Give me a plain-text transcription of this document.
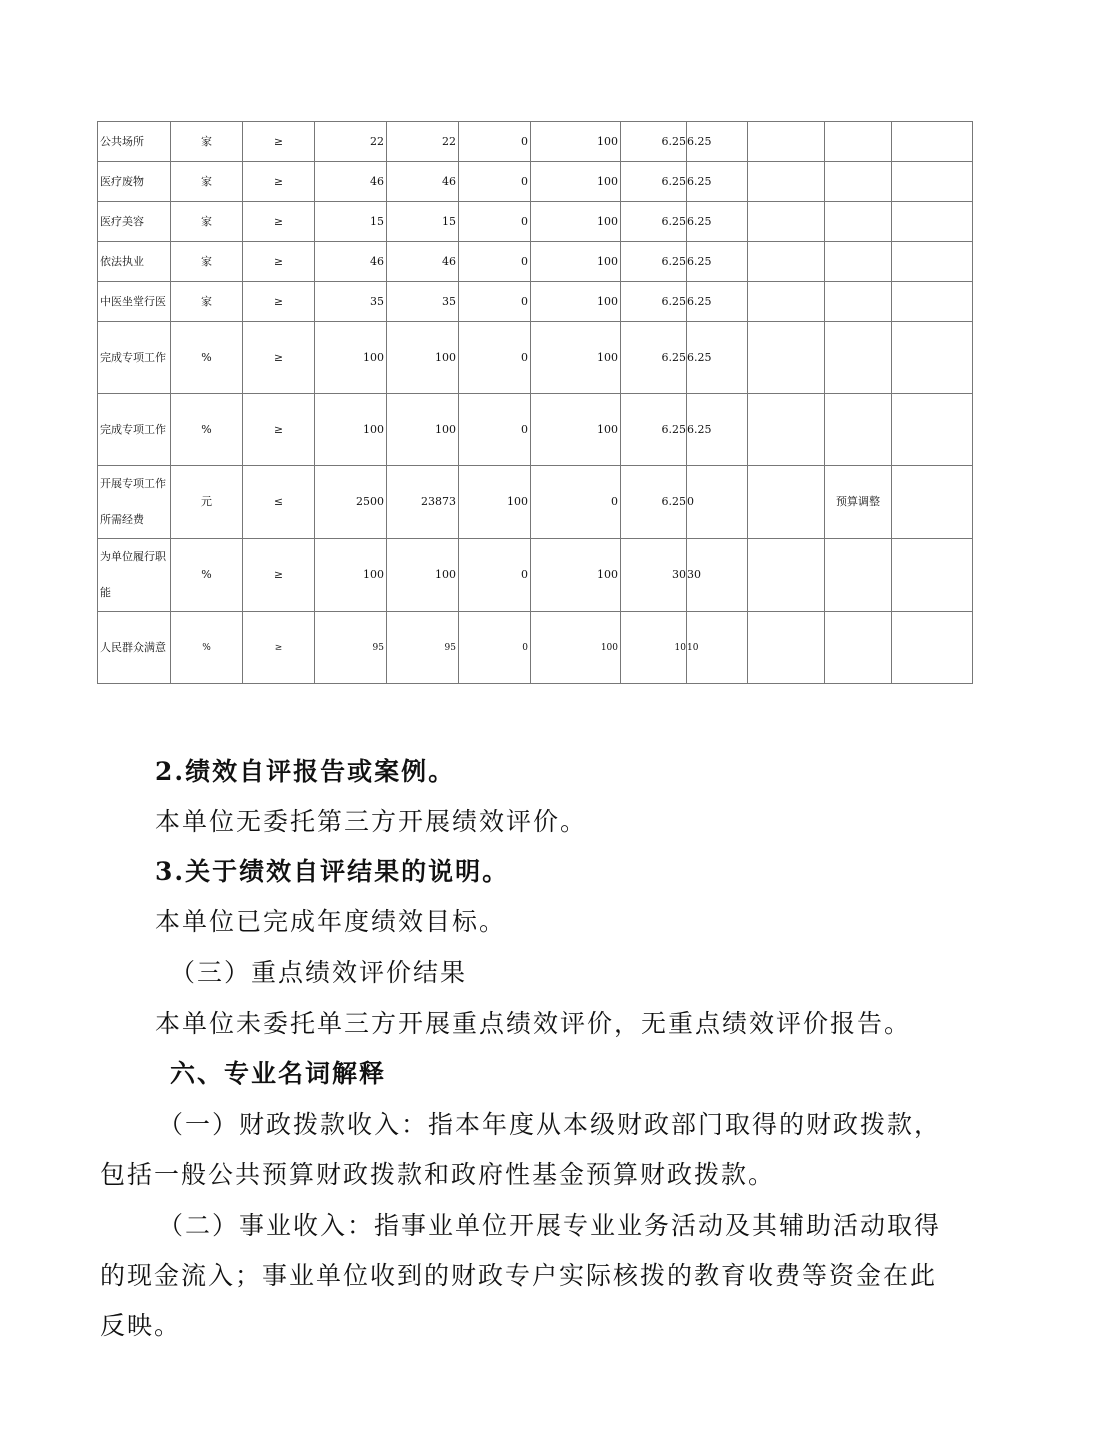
公共场所	家	≥	22	22	0	100	6.25	6.25			
医疗废物	家	≥	46	46	0	100	6.25	6.25			
医疗美容	家	≥	15	15	0	100	6.25	6.25			
依法执业	家	≥	46	46	0	100	6.25	6.25			
中医坐堂行医	家	≥	35	35	0	100	6.25	6.25			
完成专项工作	%	≥	100	100	0	100	6.25	6.25			
完成专项工作	%	≥	100	100	0	100	6.25	6.25			
开展专项工作所需经费	元	≤	2500	23873	100	0	6.25	0		预算调整	
为单位履行职能	%	≥	100	100	0	100	30	30			
人民群众满意	%	≥	95	95	0	100	10	10			
2.绩效自评报告或案例。
本单位无委托第三方开展绩效评价。
3.关于绩效自评结果的说明。
本单位已完成年度绩效目标。
（三）重点绩效评价结果
本单位未委托单三方开展重点绩效评价，无重点绩效评价报告。
六、专业名词解释
（一）财政拨款收入：指本年度从本级财政部门取得的财政拨款，
包括一般公共预算财政拨款和政府性基金预算财政拨款。
（二）事业收入：指事业单位开展专业业务活动及其辅助活动取得
的现金流入；事业单位收到的财政专户实际核拨的教育收费等资金在此
反映。
